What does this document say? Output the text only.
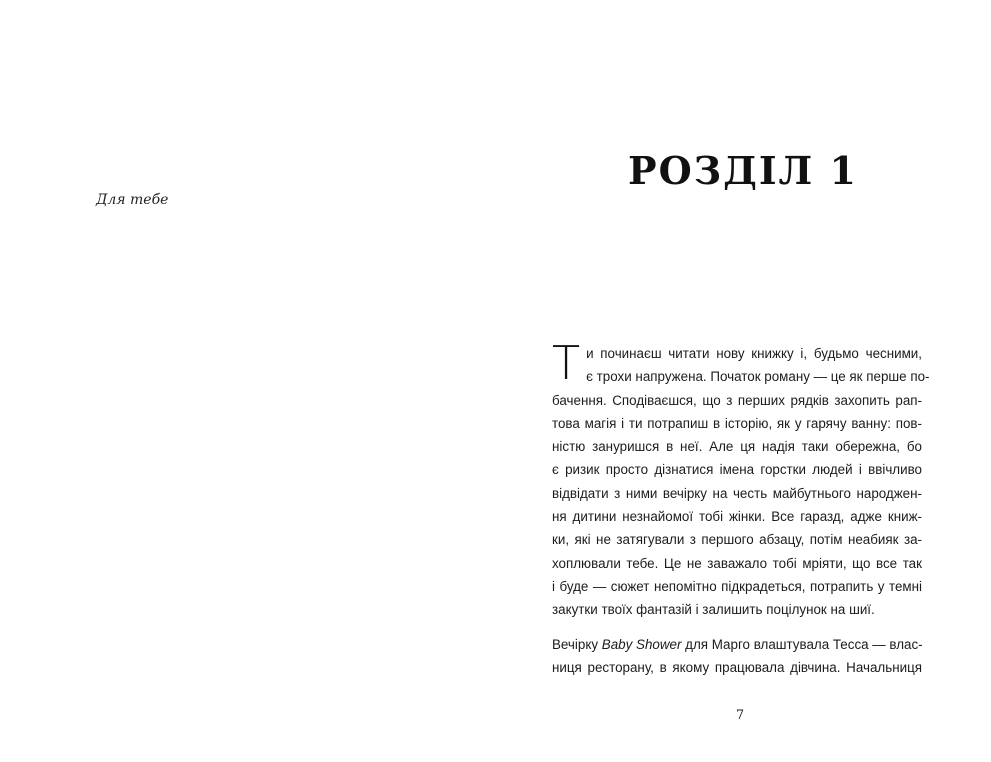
Для тебе
РОЗДІЛ 1
Т и починаєш читати нову книжку і, будьмо чесними,
є трохи напружена. Початок роману — це як перше по-
бачення. Сподіваєшся, що з перших рядків захопить рап-
това магія і ти потрапиш в історію, як у гарячу ванну: пов-
ністю зануришся в неї. Але ця надія таки обережна, бо
є ризик просто дізнатися імена горстки людей і ввічливо
відвідати з ними вечірку на честь майбутнього народжен-
ня дитини незнайомої тобі жінки. Все гаразд, адже книж-
ки, які не затягували з першого абзацу, потім неабияк за-
хоплювали тебе. Це не заважало тобі мріяти, що все так
і буде — сюжет непомітно підкрадеться, потрапить у темні
закутки твоїх фантазій і залишить поцілунок на шиї.
Вечірку Baby Shower для Марго влаштувала Тесса — влас-
ниця ресторану, в якому працювала дівчина. Начальниця
7
